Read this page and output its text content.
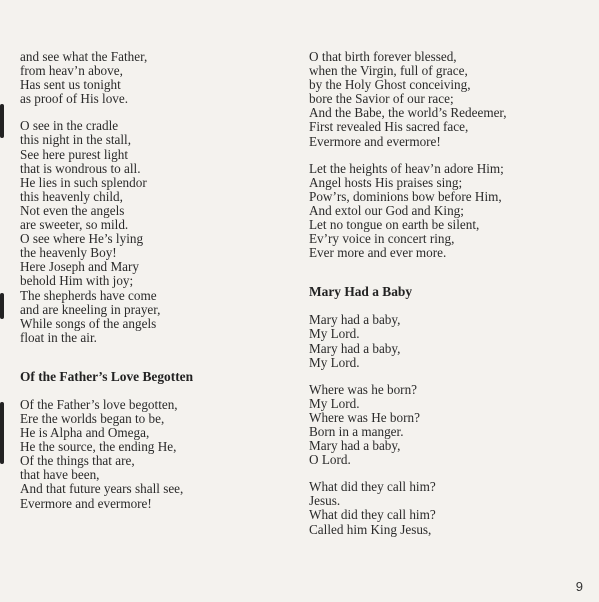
and see what the Father,
from heav’n above,
Has sent us tonight
as proof of His love.
O see in the cradle
this night in the stall,
See here purest light
that is wondrous to all.
He lies in such splendor
this heavenly child,
Not even the angels
are sweeter, so mild.
O see where He’s lying
the heavenly Boy!
Here Joseph and Mary
behold Him with joy;
The shepherds have come
and are kneeling in prayer,
While songs of the angels
float in the air.
Of the Father’s Love Begotten
Of the Father’s love begotten,
Ere the worlds began to be,
He is Alpha and Omega,
He the source, the ending He,
Of the things that are,
that have been,
And that future years shall see,
Evermore and evermore!
O that birth forever blessed,
when the Virgin, full of grace,
by the Holy Ghost conceiving,
bore the Savior of our race;
And the Babe, the world’s Redeemer,
First revealed His sacred face,
Evermore and evermore!
Let the heights of heav’n adore Him;
Angel hosts His praises sing;
Pow’rs, dominions bow before Him,
And extol our God and King;
Let no tongue on earth be silent,
Ev’ry voice in concert ring,
Ever more and ever more.
Mary Had a Baby
Mary had a baby,
My Lord.
Mary had a baby,
My Lord.
Where was he born?
My Lord.
Where was He born?
Born in a manger.
Mary had a baby,
O Lord.
What did they call him?
Jesus.
What did they call him?
Called him King Jesus,
9
